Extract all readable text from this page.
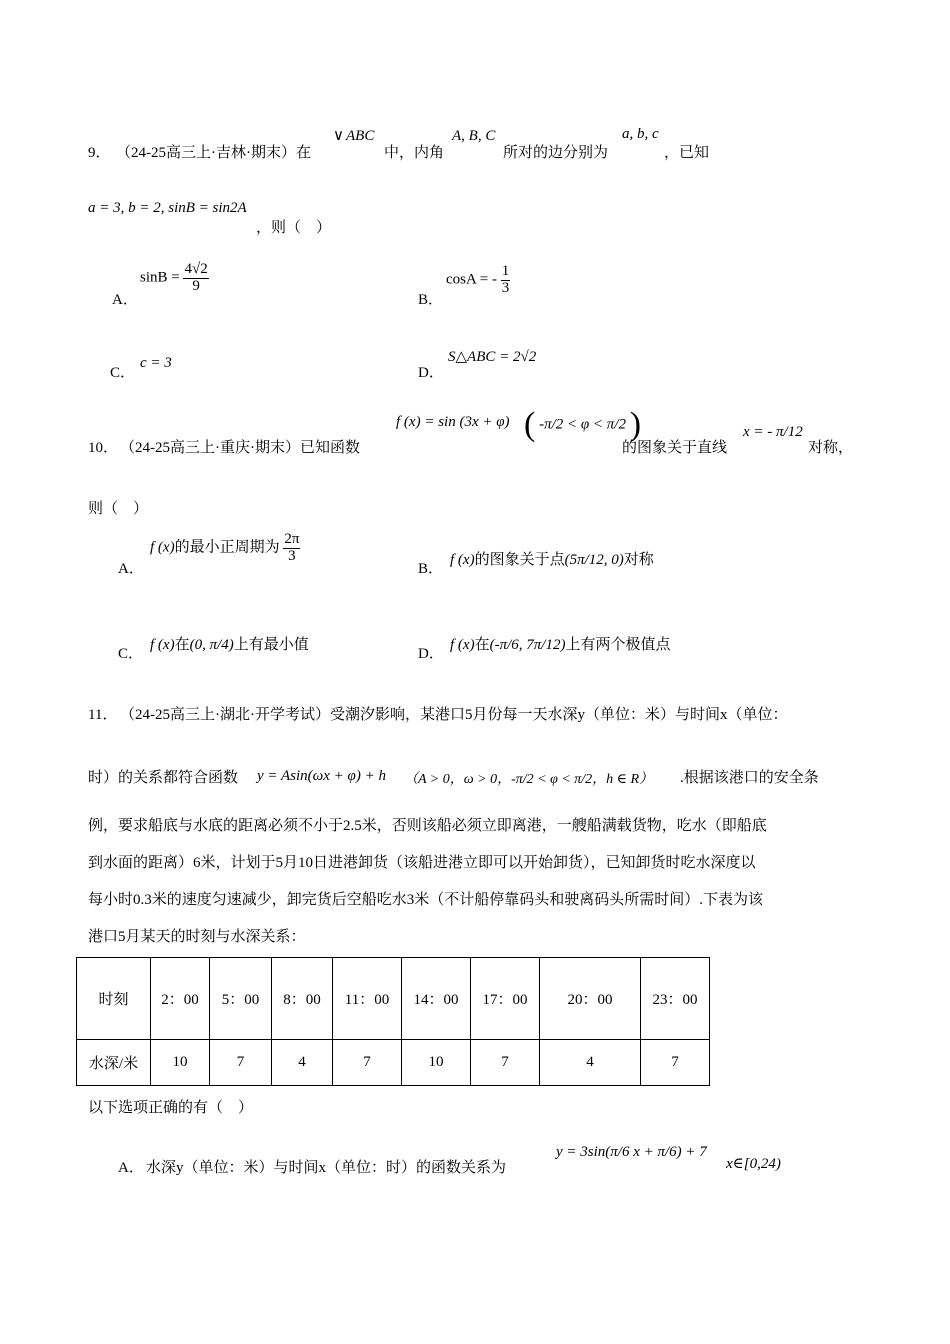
9． （24-25高三上·吉林·期末）在
∨ ABC
中，内角
A, B, C
所对的边分别为
a, b, c
，已知
a = 3, b = 2, sinB = sin2A
，则（　）
A．
$\sin B = \frac{4√2}{9}$
B．
cosA = - $\frac{1}{3}$
C．
c = 3
D．
S△ABC = 2√2
10． （24-25高三上·重庆·期末）已知函数
f (x) = sin (3x + φ) ( -π/2 < φ < π/2 )
的图象关于直线
x = - π/12
对称，
则（　）
A．
f (x)的最小正周期为 $\frac{2\pi}{3}$
B．
f (x)的图象关于点(5π/12, 0)对称
C．
f (x)在(0, π/4)上有最小值
D．
f (x)在(-π/6, 7π/12)上有两个极值点
11． （24-25高三上·湖北·开学考试）受潮汐影响，某港口5月份每一天水深y（单位：米）与时间x（单位：
时）的关系都符合函数 y = Asin(ωx + φ) + h （A > 0，ω > 0，-π/2 < φ < π/2，h ∈ R） .根据该港口的安全条
例，要求船底与水底的距离必须不小于2.5米，否则该船必须立即离港，一艘船满载货物，吃水（即船底
到水面的距离）6米，计划于5月10日进港卸货（该船进港立即可以开始卸货），已知卸货时吃水深度以
每小时0.3米的速度匀速减少，卸完货后空船吃水3米（不计船停靠码头和驶离码头所需时间）.下表为该
港口5月某天的时刻与水深关系：
时刻	2：00	5：00	8：00	11：00	14：00	17：00	20：00	23：00
水深/米	10	7	4	7	10	7	4	7
以下选项正确的有（　）
A． 水深y（单位：米）与时间x（单位：时）的函数关系为
y = 3sin(π/6 x + π/6) + 7
x∈[0,24)
